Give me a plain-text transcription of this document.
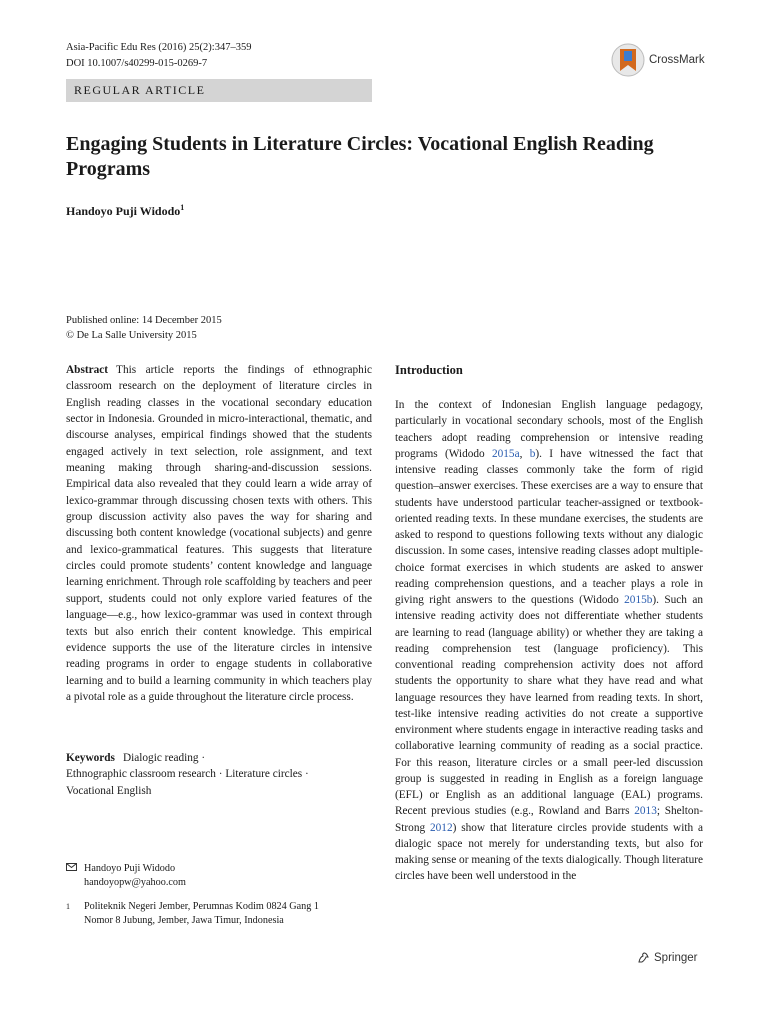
Asia-Pacific Edu Res (2016) 25(2):347–359
DOI 10.1007/s40299-015-0269-7	CrossMark
REGULAR ARTICLE
Engaging Students in Literature Circles: Vocational English Reading Programs
Handoyo Puji Widodo$^1$
Published online: 14 December 2015
© De La Salle University 2015
Abstract This article reports the findings of ethnographic classroom research on the deployment of literature circles in English reading classes in the vocational secondary education sector in Indonesia. Grounded in micro-interactional, thematic, and discourse analyses, empirical findings showed that the students engaged actively in text selection, role assignment, and text meaning making through sharing-and-discussion sessions. Empirical data also revealed that they could learn a wide array of lexico-grammar through discussing chosen texts with others. This group discussion activity also paves the way for sharing and discussing both content knowledge (vocational subjects) and genre and lexico-grammatical features. This suggests that literature circles could promote students’ content knowledge and language learning enrichment. Through role scaffolding by teachers and peer support, students could not only explore varied features of the language—e.g., how lexico-grammar was used in context through texts but also enrich their content knowledge. This empirical evidence supports the use of the literature circles in intensive reading programs in order to engage students in collaborative learning and to build a learning community in which teachers play a pivotal role as a guide throughout the literature circle process.
Keywords Dialogic reading ·
Ethnographic classroom research · Literature circles ·
Vocational English
Handoyo Puji Widodo
handoyopw@yahoo.com
1 Politeknik Negeri Jember, Perumnas Kodim 0824 Gang 1
Nomor 8 Jubung, Jember, Jawa Timur, Indonesia
Introduction
In the context of Indonesian English language pedagogy, particularly in vocational secondary schools, most of the English teachers adopt reading comprehension or intensive reading programs (Widodo 2015a, b). I have witnessed the fact that intensive reading classes commonly take the form of rigid question–answer exercises. These exercises are a way to ensure that students have understood particular teacher-assigned or textbook-oriented reading texts. In these mundane exercises, the students are asked to respond to questions following texts without any dialogic discussion. In some cases, intensive reading classes adopt multiple-choice format exercises in which students are asked to answer reading comprehension questions, and a teacher plays a role in giving right answers to the questions (Widodo 2015b). Such an intensive reading activity does not differentiate whether students are learning to read (language ability) or whether they are taking a reading comprehension test (language proficiency). This conventional reading comprehension activity does not afford students the opportunity to share what they have read and what language resources they have learned from reading texts. In short, test-like intensive reading activities do not create a supportive environment where students engage in interactive reading tasks and collaborative learning community of reading as a social practice. For this reason, literature circles or a small peer-led discussion group is suggested in reading in English as a foreign language (EFL) or English as an additional language (EAL) programs. Recent previous studies (e.g., Rowland and Barrs 2013; Shelton-Strong 2012) show that literature circles provide students with a dialogic space not merely for understanding texts, but also for making sense or meaning of the texts dialogically. Though literature circles have been well understood in the
Springer
